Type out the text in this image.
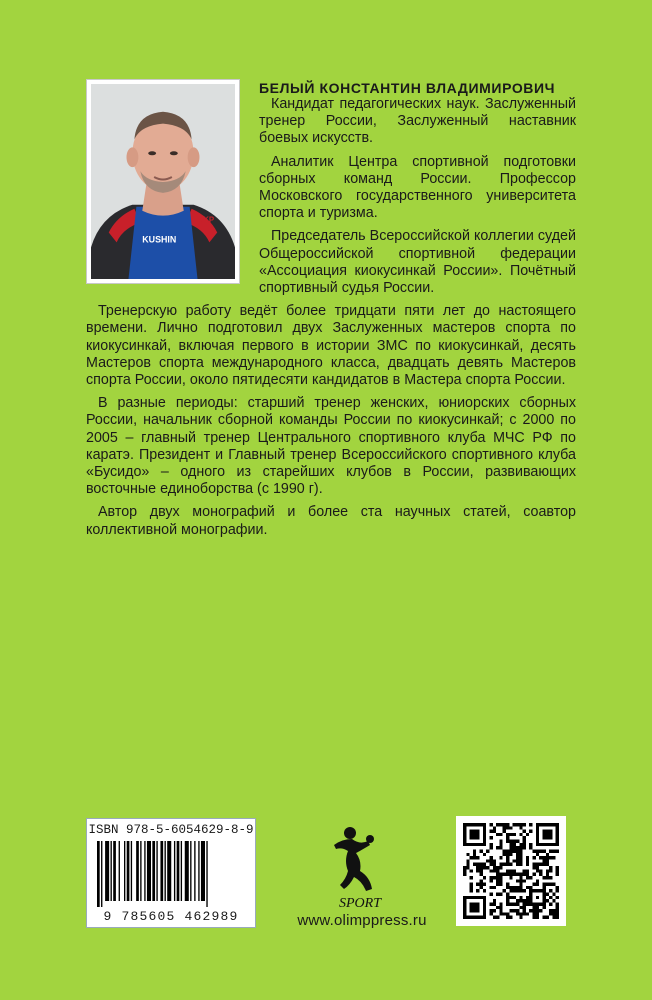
KUSHIN
AKP
БЕЛЫЙ КОНСТАНТИН ВЛАДИМИРОВИЧ

Кандидат педагогических наук. Заслуженный тренер России, Заслуженный наставник боевых искусств.

Аналитик Центра спортивной подготовки сборных команд России. Профессор Московского государственного университета спорта и туризма.

Председатель Всероссийской коллегии судей Общероссийской спортивной федерации «Ассоциация киокусинкай России». Почётный спортивный судья России.

Тренерскую работу ведёт более тридцати пяти лет до настоящего времени. Лично подготовил двух Заслуженных мастеров спорта по киокусинкай, включая первого в истории ЗМС по киокусинкай, десять Мастеров спорта международного класса, двадцать девять Мастеров спорта России, около пятидесяти кандидатов в Мастера спорта России.

В разные периоды: старший тренер женских, юниорских сборных России, начальник сборной команды России по киокусинкай; с 2000 по 2005 – главный тренер Центрального спортивного клуба МЧС РФ по каратэ. Президент и Главный тренер Всероссийского спортивного клуба «Бусидо» – одного из старейших клубов в России, развивающих восточные единоборства (с 1990 г).

Автор двух монографий и более ста научных статей, соавтор коллективной монографии.

ISBN 978-5-6054629-8-9
9 785605 462989
SPORT
www.olimppress.ru
